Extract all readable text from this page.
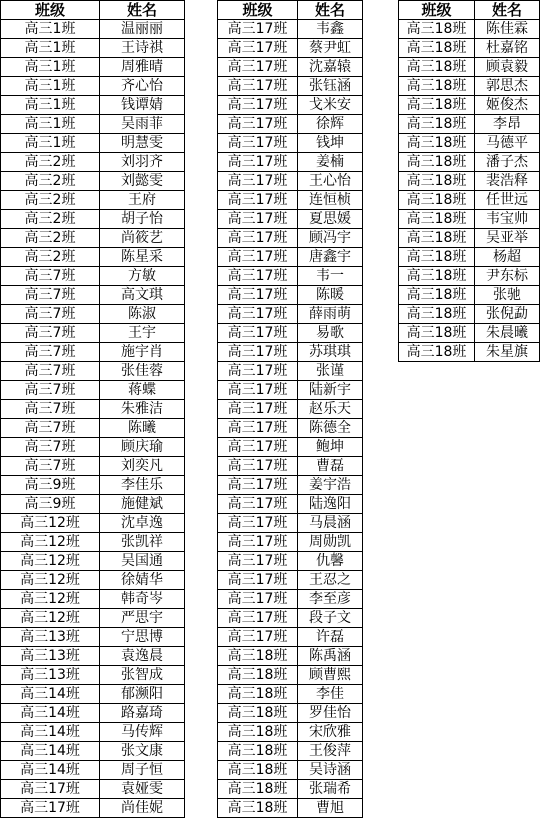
班级	姓名
高三1班	温丽丽
高三1班	王诗祺
高三1班	周雅晴
高三1班	齐心怡
高三1班	钱谭婧
高三1班	吴雨菲
高三1班	明慧雯
高三2班	刘羽齐
高三2班	刘懿雯
高三2班	王府
高三2班	胡子怡
高三2班	尚筱艺
高三2班	陈星采
高三7班	方敏
高三7班	高文琪
高三7班	陈淑
高三7班	王宇
高三7班	施宇肖
高三7班	张佳蓉
高三7班	蒋蝶
高三7班	朱雅洁
高三7班	陈曦
高三7班	顾庆瑜
高三7班	刘奕凡
高三9班	李佳乐
高三9班	施健斌
高三12班	沈卓逸
高三12班	张凯祥
高三12班	吴国通
高三12班	徐婧华
高三12班	韩奇岑
高三12班	严思宇
高三13班	宁思博
高三13班	袁逸晨
高三13班	张智成
高三14班	郁濒阳
高三14班	路嘉琦
高三14班	马传辉
高三14班	张文康
高三14班	周子恒
高三17班	袁娅雯
高三17班	尚佳妮
班级	姓名
高三17班	韦鑫
高三17班	蔡尹虹
高三17班	沈嘉辕
高三17班	张钰涵
高三17班	戈米安
高三17班	徐辉
高三17班	钱坤
高三17班	姜楠
高三17班	王心怡
高三17班	连恒桢
高三17班	夏思媛
高三17班	顾冯宇
高三17班	唐鑫宇
高三17班	韦一
高三17班	陈暖
高三17班	薛雨萌
高三17班	易歌
高三17班	苏琪琪
高三17班	张谨
高三17班	陆新宇
高三17班	赵乐天
高三17班	陈德全
高三17班	鲍坤
高三17班	曹磊
高三17班	姜宇浩
高三17班	陆逸阳
高三17班	马晨涵
高三17班	周勋凯
高三17班	仇馨
高三17班	王忍之
高三17班	李至彦
高三17班	段子文
高三17班	许磊
高三18班	陈禹涵
高三18班	顾曹熙
高三18班	李佳
高三18班	罗佳怡
高三18班	宋欣雅
高三18班	王俊萍
高三18班	吴诗涵
高三18班	张瑞希
高三18班	曹旭
班级	姓名
高三18班	陈佳霖
高三18班	杜嘉铭
高三18班	顾袁毅
高三18班	郭思杰
高三18班	姬俊杰
高三18班	李昂
高三18班	马德平
高三18班	潘子杰
高三18班	裴浩释
高三18班	任世远
高三18班	韦宝帅
高三18班	吴亚举
高三18班	杨超
高三18班	尹东标
高三18班	张驰
高三18班	张倪勐
高三18班	朱晨曦
高三18班	朱星旗
